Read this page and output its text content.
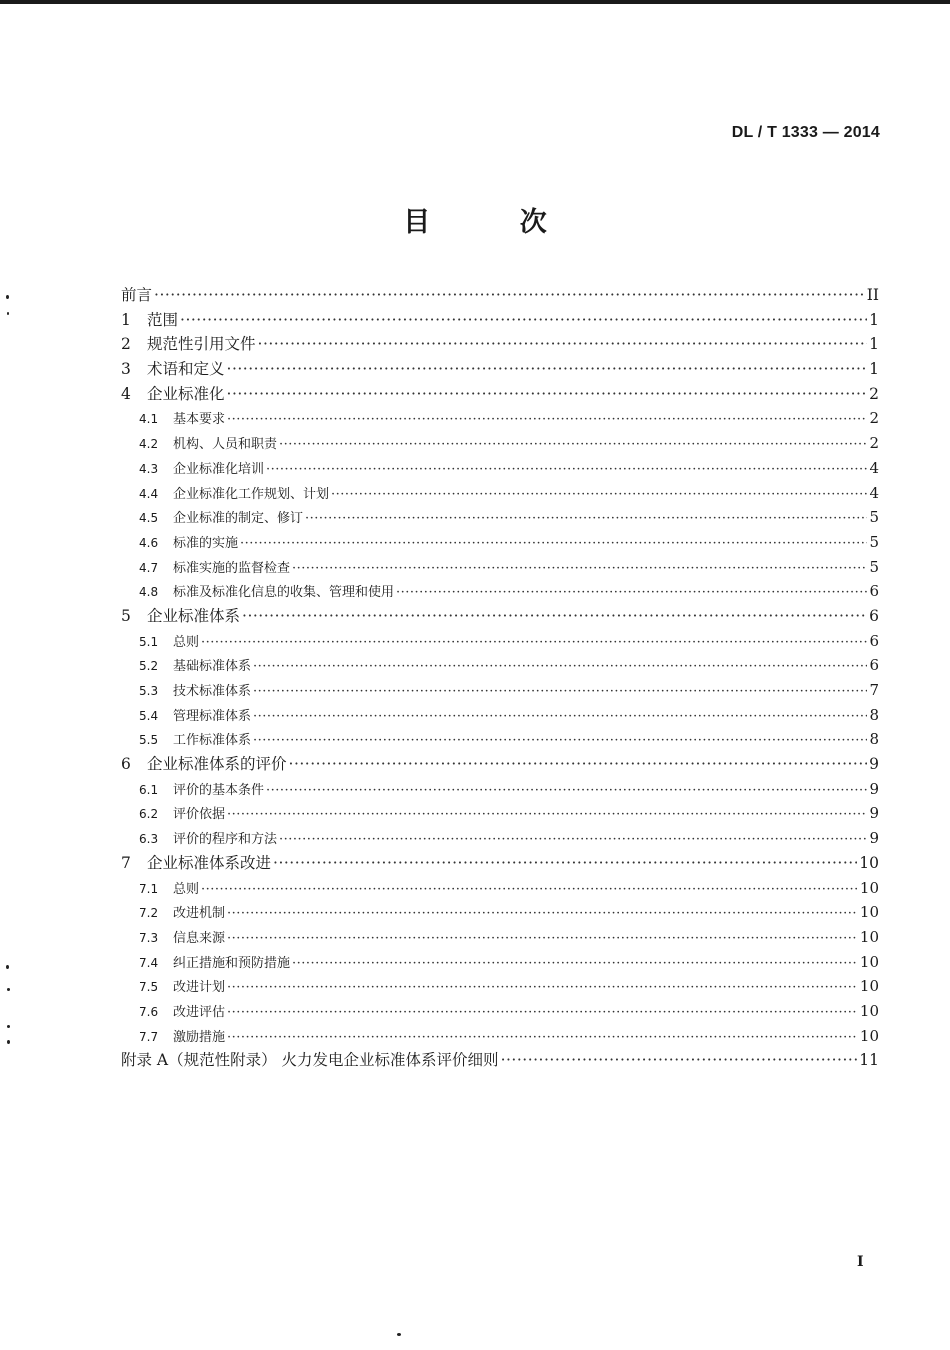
DL / T 1333 — 2014
目 次
前言 ·····	II
1	范围 ·····	1
2	规范性引用文件 ·····	1
3	术语和定义 ·····	1
4	企业标准化 ·····	2
4.1	基本要求 ·····	2
4.2	机构、人员和职责 ·····	2
4.3	企业标准化培训 ·····	4
4.4	企业标准化工作规划、计划 ·····	4
4.5	企业标准的制定、修订 ·····	5
4.6	标准的实施 ·····	5
4.7	标准实施的监督检查 ·····	5
4.8	标准及标准化信息的收集、管理和使用 ·····	6
5	企业标准体系 ·····	6
5.1	总则 ·····	6
5.2	基础标准体系 ·····	6
5.3	技术标准体系 ·····	7
5.4	管理标准体系 ·····	8
5.5	工作标准体系 ·····	8
6	企业标准体系的评价 ·····	9
6.1	评价的基本条件 ·····	9
6.2	评价依据 ·····	9
6.3	评价的程序和方法 ·····	9
7	企业标准体系改进 ·····	10
7.1	总则 ·····	10
7.2	改进机制 ·····	10
7.3	信息来源 ·····	10
7.4	纠正措施和预防措施 ·····	10
7.5	改进计划 ·····	10
7.6	改进评估 ·····	10
7.7	激励措施 ·····	10
附录 A（规范性附录） 火力发电企业标准体系评价细则 ·····	11
I
